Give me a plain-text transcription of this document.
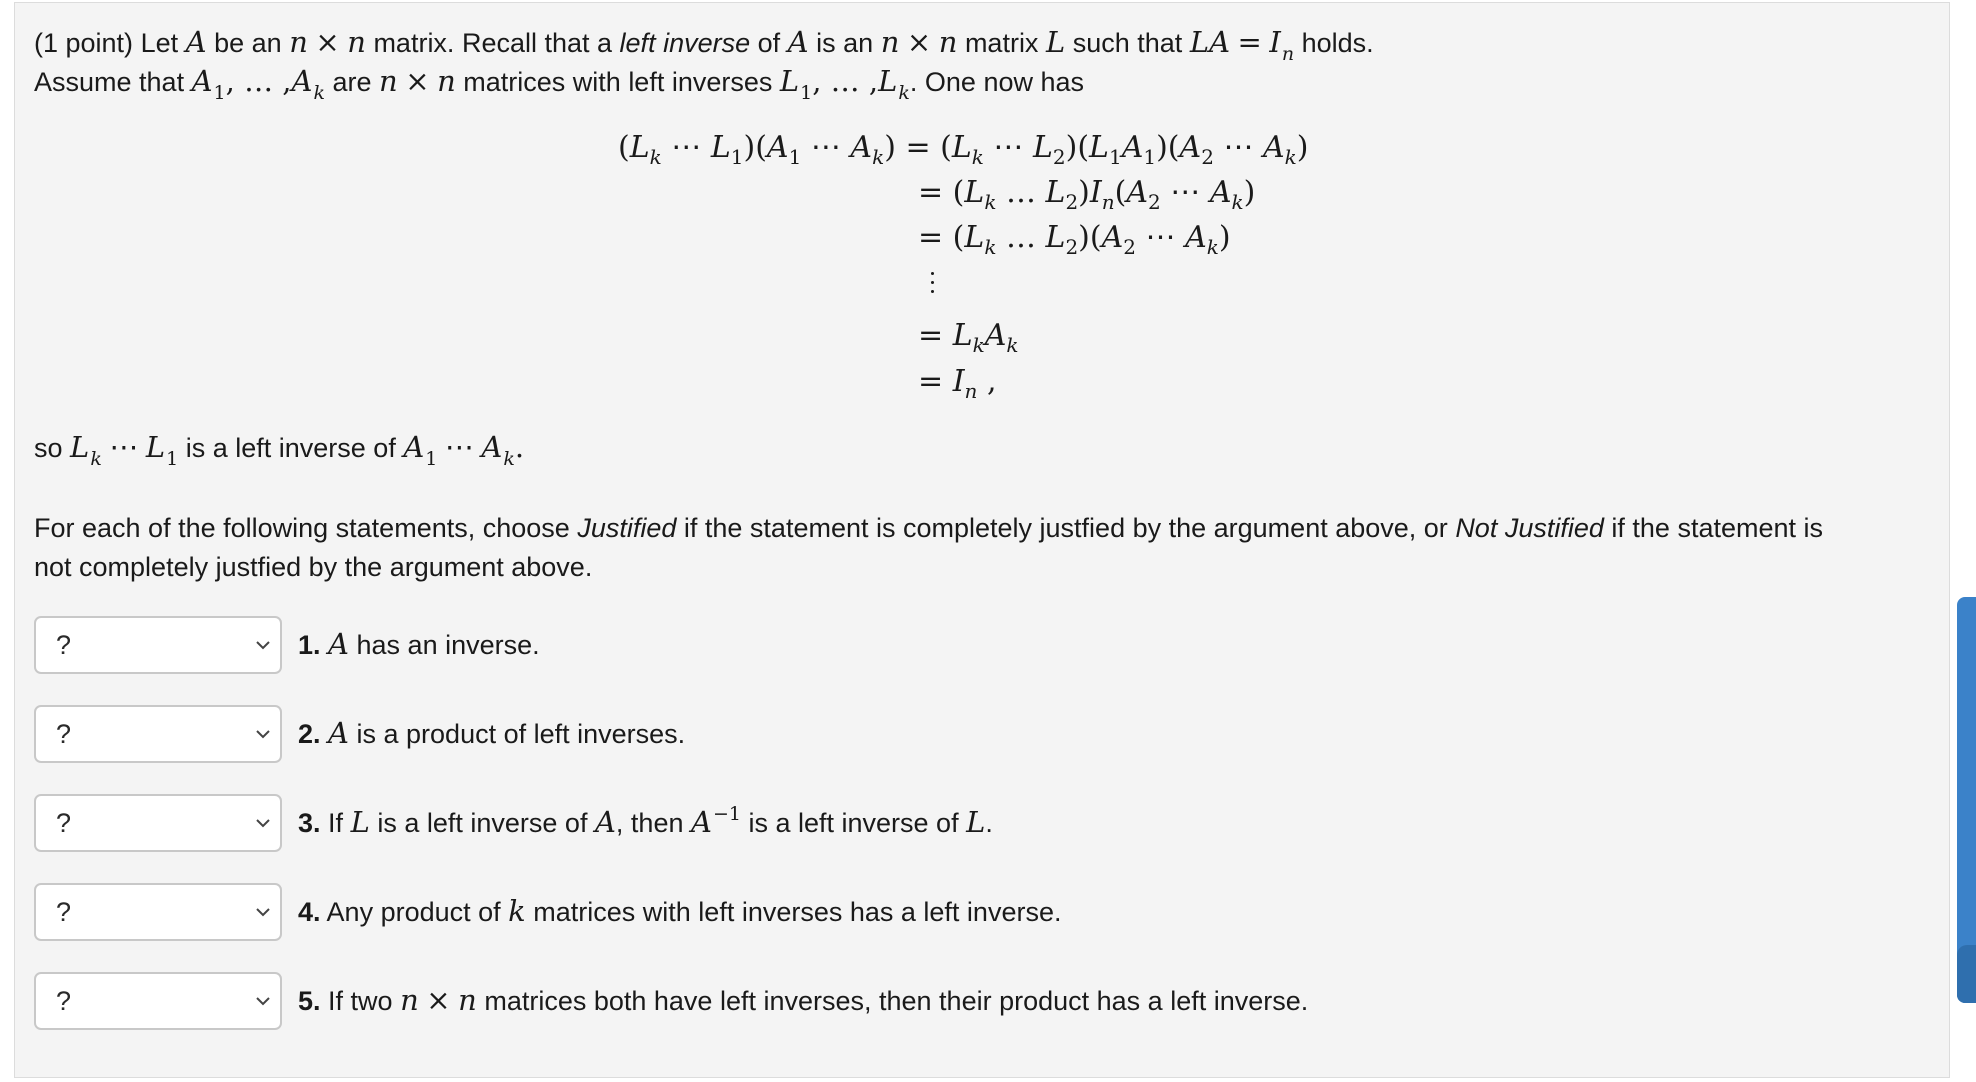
(1 point) Let A be an n × n matrix. Recall that a left inverse of A is an n × n matrix L such that LA = $I_n$ holds.
Assume that $A_1$, … $,A_k$ are n × n matrices with left inverses $L_1$, … $,L_k$. One now has
($L_k$ ⋯ $L_1)(A_1$ ⋯ $A_k) = (L_k$ ⋯ $L_2)(L_1A_1)(A_2$ ⋯ $A_k$)
= ($L_k$ … $L_2)I_n(A_2$ ⋯ $A_k$)
= ($L_k$ … $L_2)(A_2$ ⋯ $A_k$)
= $L_kA_k$
= $I_n$ ,
so $L_k$ ⋯ $L_1$ is a left inverse of $A_1$ ⋯ $A_k$.
For each of the following statements, choose Justified if the statement is completely justfied by the argument above, or Not Justified if the statement is
not completely justfied by the argument above.
?	1. A has an inverse.
?	2. A is a product of left inverses.
?	3. If L is a left inverse of A, then $A^{-1}$ is a left inverse of L.
?	4. Any product of k matrices with left inverses has a left inverse.
?	5. If two n × n matrices both have left inverses, then their product has a left inverse.
